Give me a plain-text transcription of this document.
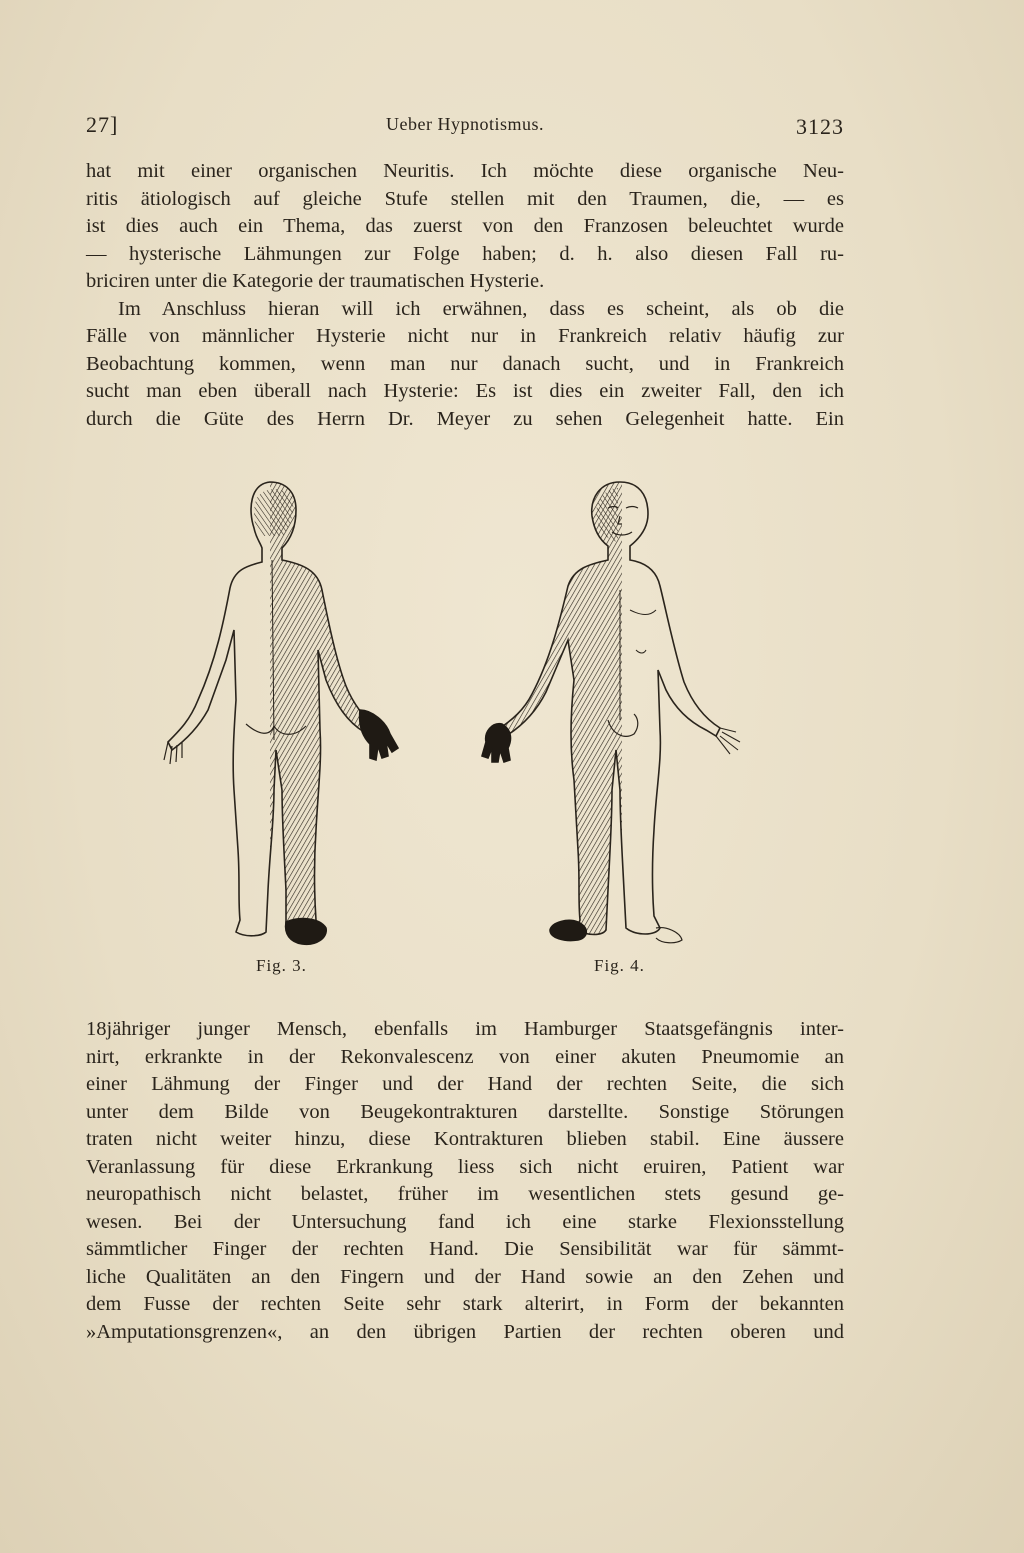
27]	Ueber Hypnotismus.	3123
hat mit einer organischen Neuritis. Ich möchte diese organische Neu-
ritis ätiologisch auf gleiche Stufe stellen mit den Traumen, die, — es
ist dies auch ein Thema, das zuerst von den Franzosen beleuchtet wurde
— hysterische Lähmungen zur Folge haben; d. h. also diesen Fall ru-
briciren unter die Kategorie der traumatischen Hysterie.
Im Anschluss hieran will ich erwähnen, dass es scheint, als ob die
Fälle von männlicher Hysterie nicht nur in Frankreich relativ häufig zur
Beobachtung kommen, wenn man nur danach sucht, und in Frankreich
sucht man eben überall nach Hysterie: Es ist dies ein zweiter Fall, den ich
durch die Güte des Herrn Dr. Meyer zu sehen Gelegenheit hatte. Ein
Fig. 3.	Fig. 4.
18jähriger junger Mensch, ebenfalls im Hamburger Staatsgefängnis inter-
nirt, erkrankte in der Rekonvalescenz von einer akuten Pneumomie an
einer Lähmung der Finger und der Hand der rechten Seite, die sich
unter dem Bilde von Beugekontrakturen darstellte. Sonstige Störungen
traten nicht weiter hinzu, diese Kontrakturen blieben stabil. Eine äussere
Veranlassung für diese Erkrankung liess sich nicht eruiren, Patient war
neuropathisch nicht belastet, früher im wesentlichen stets gesund ge-
wesen. Bei der Untersuchung fand ich eine starke Flexionsstellung
sämmtlicher Finger der rechten Hand. Die Sensibilität war für sämmt-
liche Qualitäten an den Fingern und der Hand sowie an den Zehen und
dem Fusse der rechten Seite sehr stark alterirt, in Form der bekannten
»Amputationsgrenzen«, an den übrigen Partien der rechten oberen und
